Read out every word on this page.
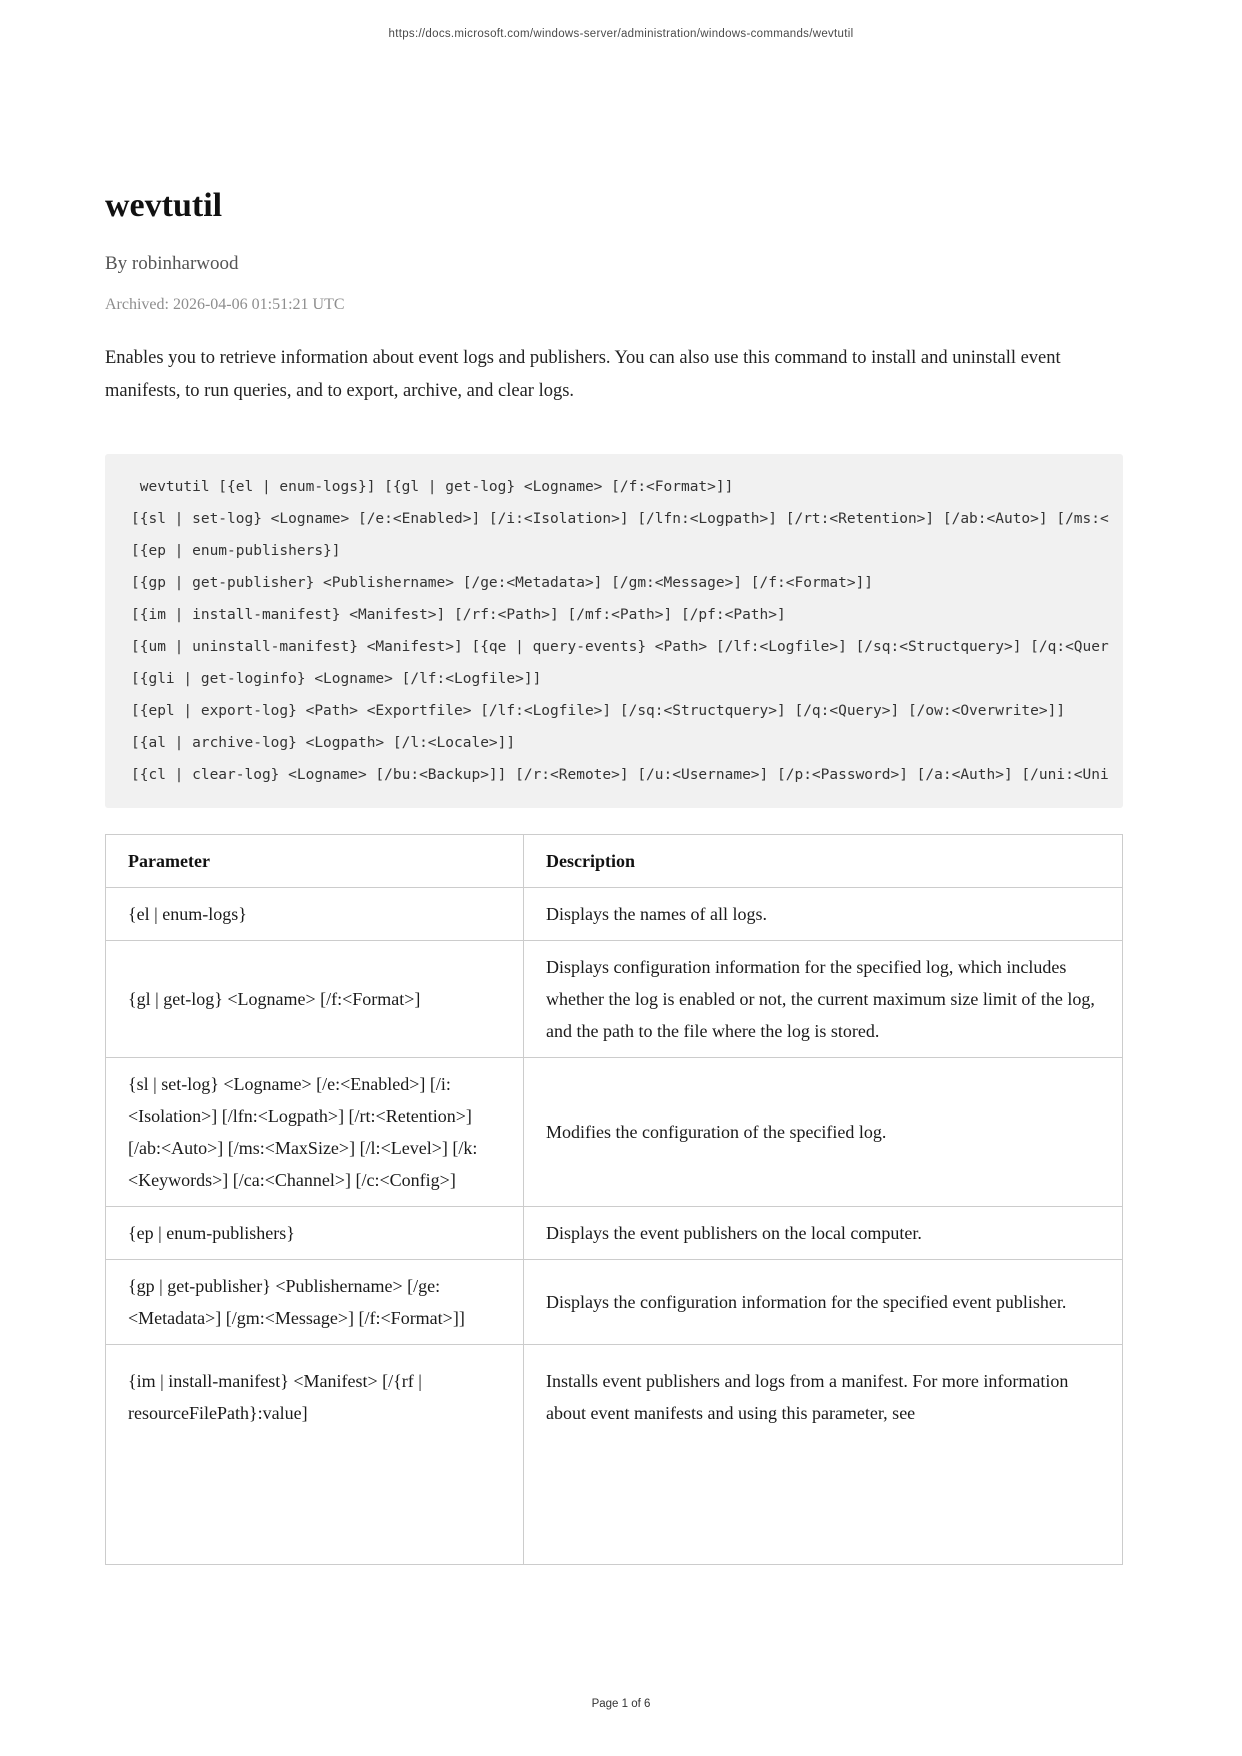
https://docs.microsoft.com/windows-server/administration/windows-commands/wevtutil
wevtutil
By robinharwood
Archived: 2026-04-06 01:51:21 UTC

Enables you to retrieve information about event logs and publishers. You can also use this command to install and uninstall event manifests, to run queries, and to export, archive, and clear logs.

wevtutil [{el | enum-logs}] [{gl | get-log} <Logname> [/f:<Format>]]
[{sl | set-log} <Logname> [/e:<Enabled>] [/i:<Isolation>] [/lfn:<Logpath>] [/rt:<Retention>] [/ab:<Auto>] [/ms:<
[{ep | enum-publishers}]
[{gp | get-publisher} <Publishername> [/ge:<Metadata>] [/gm:<Message>] [/f:<Format>]]
[{im | install-manifest} <Manifest>] [/rf:<Path>] [/mf:<Path>] [/pf:<Path>]
[{um | uninstall-manifest} <Manifest>] [{qe | query-events} <Path> [/lf:<Logfile>] [/sq:<Structquery>] [/q:<Quer
[{gli | get-loginfo} <Logname> [/lf:<Logfile>]]
[{epl | export-log} <Path> <Exportfile> [/lf:<Logfile>] [/sq:<Structquery>] [/q:<Query>] [/ow:<Overwrite>]]
[{al | archive-log} <Logpath> [/l:<Locale>]]
[{cl | clear-log} <Logname> [/bu:<Backup>]] [/r:<Remote>] [/u:<Username>] [/p:<Password>] [/a:<Auth>] [/uni:<Uni
Parameter	Description
{el | enum-logs}	Displays the names of all logs.
{gl | get-log} <Logname> [/f:<Format>]	Displays configuration information for the specified log, which includes whether the log is enabled or not, the current maximum size limit of the log, and the path to the file where the log is stored.
{sl | set-log} <Logname> [/e:<Enabled>] [/i:<Isolation>] [/lfn:<Logpath>] [/rt:<Retention>] [/ab:<Auto>] [/ms:<MaxSize>] [/l:<Level>] [/k:<Keywords>] [/ca:<Channel>] [/c:<Config>]	Modifies the configuration of the specified log.
{ep | enum-publishers}	Displays the event publishers on the local computer.
{gp | get-publisher} <Publishername> [/ge:<Metadata>] [/gm:<Message>] [/f:<Format>]]	Displays the configuration information for the specified event publisher.
{im | install-manifest} <Manifest> [/{rf | resourceFilePath}:value]	Installs event publishers and logs from a manifest. For more information about event manifests and using this parameter, see
Page 1 of 6
